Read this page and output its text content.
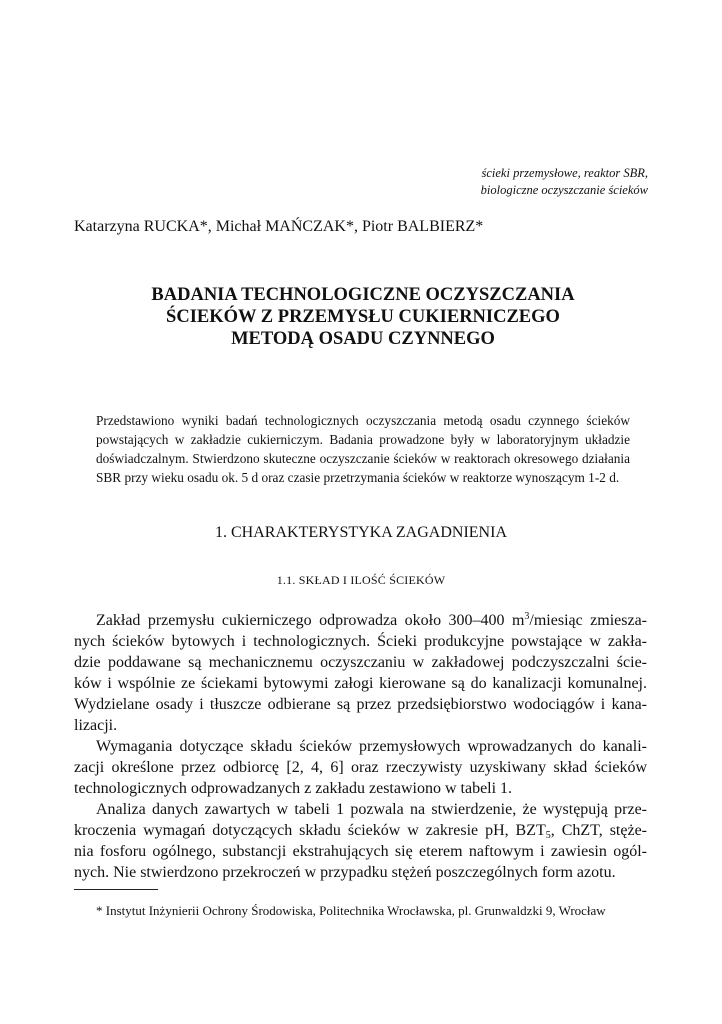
ścieki przemysłowe, reaktor SBR,
biologiczne oczyszczanie ścieków
Katarzyna RUCKA*, Michał MAŃCZAK*, Piotr BALBIERZ*
BADANIA TECHNOLOGICZNE OCZYSZCZANIA
ŚCIEKÓW Z PRZEMYSŁU CUKIERNICZEGO
METODĄ OSADU CZYNNEGO
Przedstawiono wyniki badań technologicznych oczyszczania metodą osadu czynnego ścieków
powstających w zakładzie cukierniczym. Badania prowadzone były w laboratoryjnym układzie
doświadczalnym. Stwierdzono skuteczne oczyszczanie ścieków w reaktorach okresowego działania
SBR przy wieku osadu ok. 5 d oraz czasie przetrzymania ścieków w reaktorze wynoszącym 1-2 d.
1. CHARAKTERYSTYKA ZAGADNIENIA
1.1. SKŁAD I ILOŚĆ ŚCIEKÓW
Zakład przemysłu cukierniczego odprowadza około 300–400 $m^3$/miesiąc zmiesza-
nych ścieków bytowych i technologicznych. Ścieki produkcyjne powstające w zakła-
dzie poddawane są mechanicznemu oczyszczaniu w zakładowej podczyszczalni ście-
ków i wspólnie ze ściekami bytowymi załogi kierowane są do kanalizacji komunalnej.
Wydzielane osady i tłuszcze odbierane są przez przedsiębiorstwo wodociągów i kana-
lizacji.
Wymagania dotyczące składu ścieków przemysłowych wprowadzanych do kanali-
zacji określone przez odbiorcę [2, 4, 6] oraz rzeczywisty uzyskiwany skład ścieków
technologicznych odprowadzanych z zakładu zestawiono w tabeli 1.
Analiza danych zawartych w tabeli 1 pozwala na stwierdzenie, że występują prze-
kroczenia wymagań dotyczących składu ścieków w zakresie pH, $BZT_5$, ChZT, stęże-
nia fosforu ogólnego, substancji ekstrahujących się eterem naftowym i zawiesin ogól-
nych. Nie stwierdzono przekroczeń w przypadku stężeń poszczególnych form azotu.
* Instytut Inżynierii Ochrony Środowiska, Politechnika Wrocławska, pl. Grunwaldzki 9, Wrocław
